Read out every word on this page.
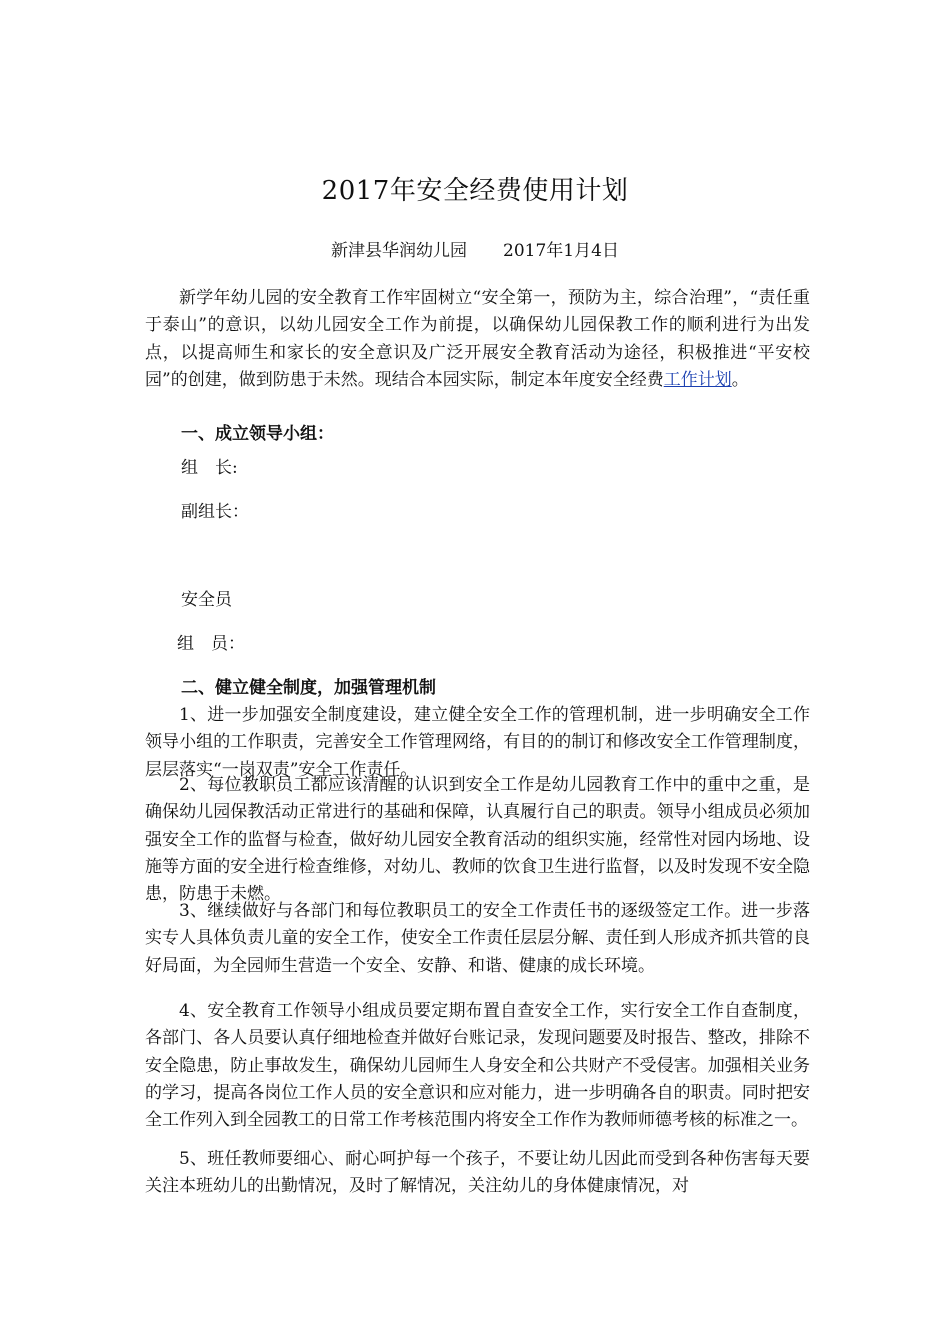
2017年安全经费使用计划
新津县华润幼儿园 2017年1月4日
新学年幼儿园的安全教育工作牢固树立“安全第一，预防为主，综合治理”，“责任重于泰山”的意识，以幼儿园安全工作为前提，以确保幼儿园保教工作的顺利进行为出发点，以提高师生和家长的安全意识及广泛开展安全教育活动为途径，积极推进“平安校园”的创建，做到防患于未然。现结合本园实际，制定本年度安全经费工作计划。
一、成立领导小组：
组　长:
副组长：
安全员
组　员：
二、健立健全制度，加强管理机制
1、进一步加强安全制度建设，建立健全安全工作的管理机制，进一步明确安全工作领导小组的工作职责，完善安全工作管理网络，有目的的制订和修改安全工作管理制度，层层落实“一岗双责”安全工作责任。
2、每位教职员工都应该清醒的认识到安全工作是幼儿园教育工作中的重中之重，是确保幼儿园保教活动正常进行的基础和保障，认真履行自己的职责。领导小组成员必须加强安全工作的监督与检查，做好幼儿园安全教育活动的组织实施，经常性对园内场地、设施等方面的安全进行检查维修，对幼儿、教师的饮食卫生进行监督，以及时发现不安全隐患，防患于未燃。
3、继续做好与各部门和每位教职员工的安全工作责任书的逐级签定工作。进一步落实专人具体负责儿童的安全工作，使安全工作责任层层分解、责任到人形成齐抓共管的良好局面，为全园师生营造一个安全、安静、和谐、健康的成长环境。
4、安全教育工作领导小组成员要定期布置自查安全工作，实行安全工作自查制度，各部门、各人员要认真仔细地检查并做好台账记录，发现问题要及时报告、整改，排除不安全隐患，防止事故发生，确保幼儿园师生人身安全和公共财产不受侵害。加强相关业务的学习，提高各岗位工作人员的安全意识和应对能力，进一步明确各自的职责。同时把安全工作列入到全园教工的日常工作考核范围内将安全工作作为教师师德考核的标准之一。
5、班任教师要细心、耐心呵护每一个孩子，不要让幼儿因此而受到各种伤害每天要关注本班幼儿的出勤情况，及时了解情况，关注幼儿的身体健康情况，对
